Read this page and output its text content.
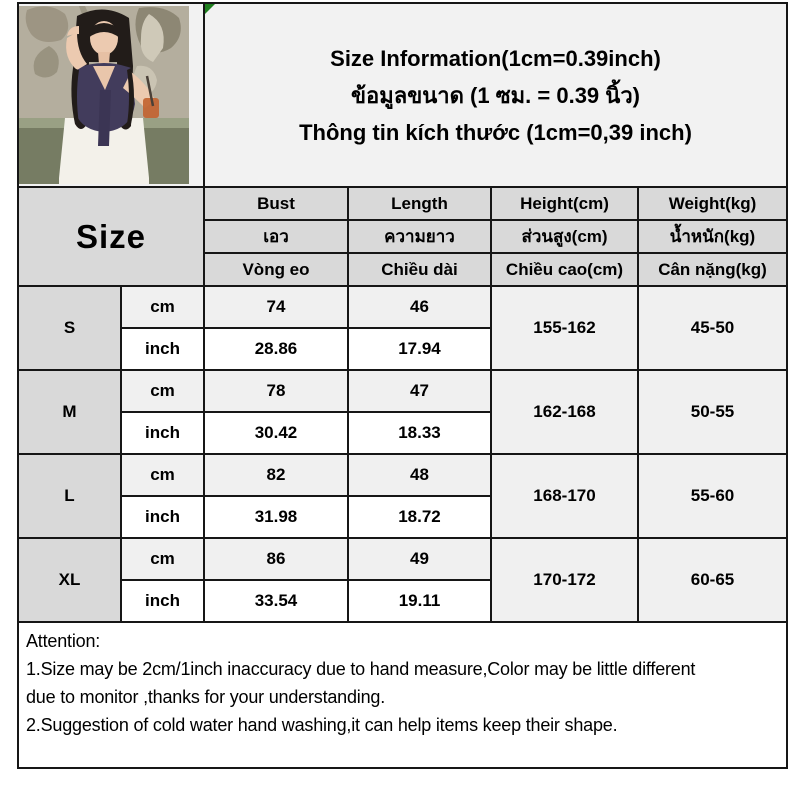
Size Information(1cm=0.39inch)
ข้อมูลขนาด (1 ซม. = 0.39 นิ้ว)
Thông tin kích thước (1cm=0,39 inch)			

Size		Bust	Length	Height(cm)	Weight(kg)
		เอว	ความยาว	ส่วนสูง(cm)	น้ำหนัก(kg)
		Vòng eo	Chiều dài	Chiều cao(cm)	Cân nặng(kg)
S	cm	74	46	155-162	45-50
	inch	28.86	17.94		
M	cm	78	47	162-168	50-55
	inch	30.42	18.33		
L	cm	82	48	168-170	55-60
	inch	31.98	18.72		
XL	cm	86	49	170-172	60-65
	inch	33.54	19.11		

Attention:
1.Size may be 2cm/1inch inaccuracy due to hand measure,Color may be little different
due to monitor ,thanks for your understanding.
2.Suggestion of cold water hand washing,it can help items keep their shape.					
